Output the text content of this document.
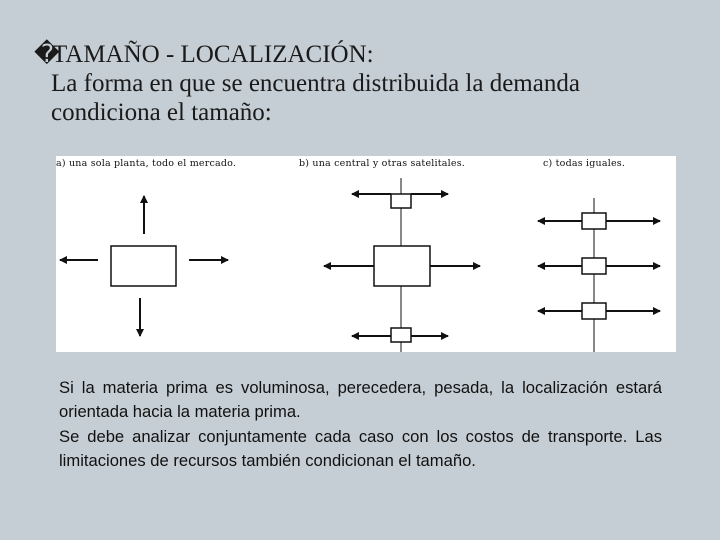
�TAMAÑO - LOCALIZACIÓN:
La forma en que se encuentra distribuida la demanda
condiciona el tamaño:
a) una sola planta, todo el mercado.	b) una central y otras satelitales.	c) todas iguales.

Si la materia prima es voluminosa, perecedera, pesada, la localización estará orientada hacia la materia prima.

Se debe analizar conjuntamente cada caso con los costos de transporte. Las limitaciones de recursos también condicionan el tamaño.
